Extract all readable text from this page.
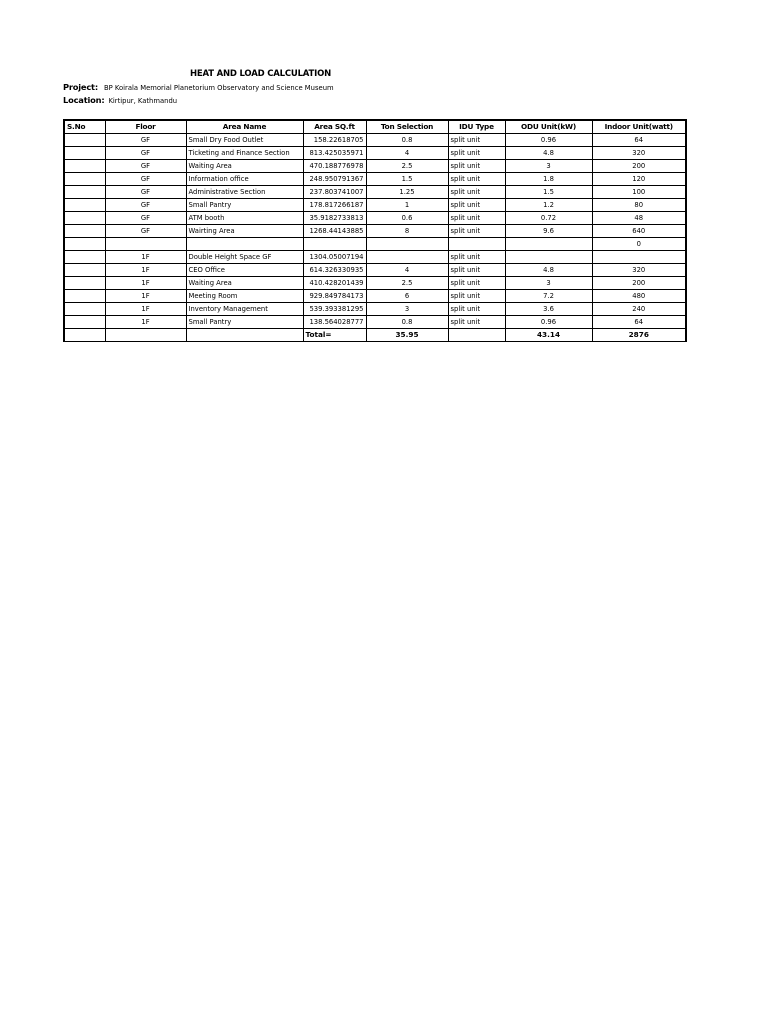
HEAT AND LOAD CALCULATION
Project: BP Koirala Memorial Planetorium Observatory and Science Museum
Location: Kirtipur, Kathmandu
S.No	Floor	Area Name	Area SQ.ft	Ton Selection	IDU Type	ODU Unit(kW)	Indoor Unit(watt)
	GF	Small Dry Food Outlet	158.22618705	0.8	split unit	0.96	64
	GF	Ticketing and Finance Section	813.425035971	4	split unit	4.8	320
	GF	Waiting Area	470.188776978	2.5	split unit	3	200
	GF	Information office	248.950791367	1.5	split unit	1.8	120
	GF	Administrative Section	237.803741007	1.25	split unit	1.5	100
	GF	Small Pantry	178.817266187	1	split unit	1.2	80
	GF	ATM booth	35.9182733813	0.6	split unit	0.72	48
	GF	Wairting Area	1268.44143885	8	split unit	9.6	640
							0
	1F	Double Height Space GF	1304.05007194		split unit		
	1F	CEO Office	614.326330935	4	split unit	4.8	320
	1F	Waiting Area	410.428201439	2.5	split unit	3	200
	1F	Meeting Room	929.849784173	6	split unit	7.2	480
	1F	Inventory Management	539.393381295	3	split unit	3.6	240
	1F	Small Pantry	138.564028777	0.8	split unit	0.96	64
			Total=	35.95		43.14	2876
